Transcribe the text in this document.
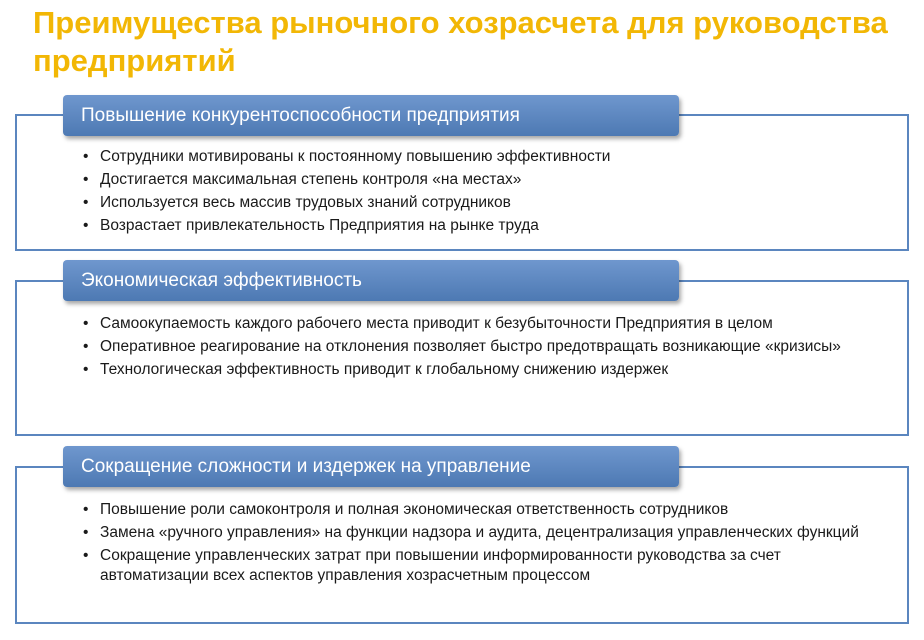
Преимущества рыночного хозрасчета для руководства предприятий
Повышение конкурентоспособности предприятия
• Сотрудники мотивированы к постоянному повышению эффективности
• Достигается максимальная степень контроля «на местах»
• Используется весь массив трудовых знаний сотрудников
• Возрастает привлекательность Предприятия на рынке труда
Экономическая эффективность
• Самоокупаемость каждого рабочего места приводит к безубыточности Предприятия в целом
• Оперативное реагирование на отклонения позволяет быстро предотвращать возникающие «кризисы»
• Технологическая эффективность приводит к глобальному снижению издержек
Сокращение сложности и издержек на управление
• Повышение роли самоконтроля и полная экономическая ответственность сотрудников
• Замена «ручного управления» на функции надзора и аудита, децентрализация управленческих функций
• Сокращение управленческих затрат при повышении информированности руководства за счет автоматизации всех аспектов управления хозрасчетным процессом
